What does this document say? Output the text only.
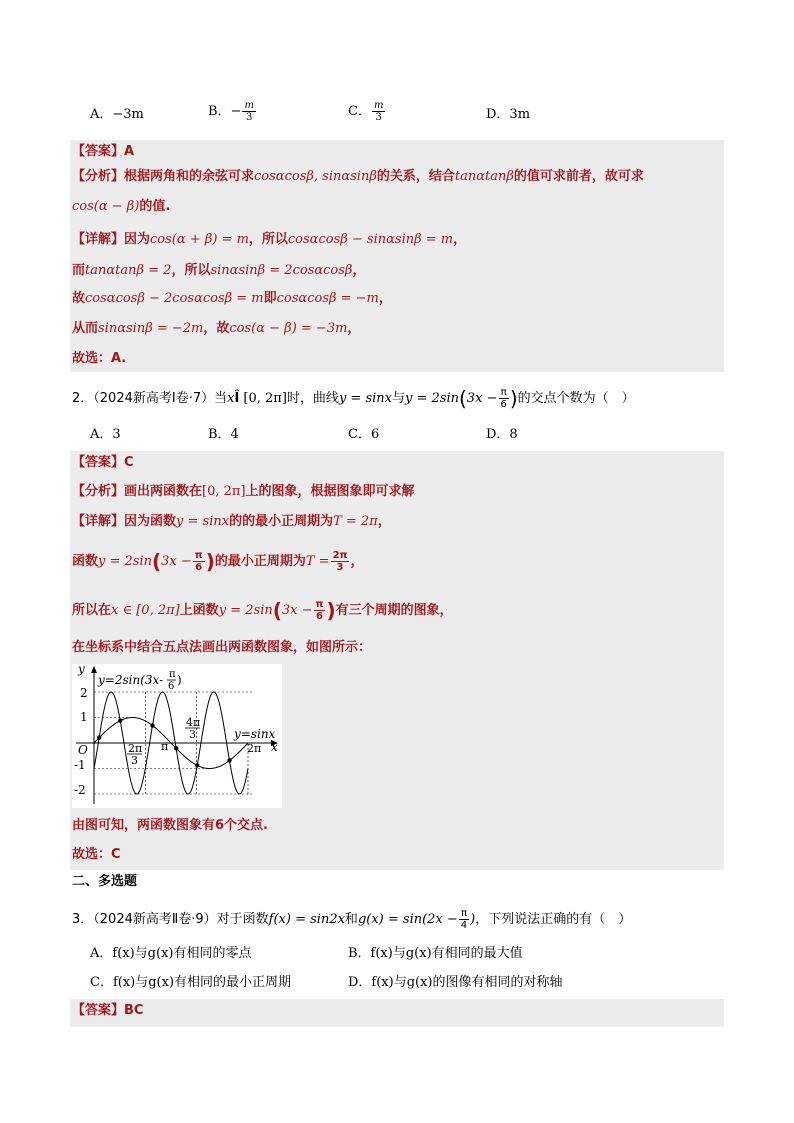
A．−3m	B．− $\frac{m}{3}$	C． $\frac{m}{3}$	D．3m
【答案】A
【分析】根据两角和的余弦可求cosαcosβ, sinαsinβ的关系，结合tanαtanβ的值可求前者，故可求
cos(α − β)的值.
【详解】因为cos(α + β) = m，所以cosαcosβ − sinαsinβ = m，
而tanαtanβ = 2，所以sinαsinβ = 2cosαcosβ，
故cosαcosβ − 2cosαcosβ = m即cosαcosβ = −m，
从而sinαsinβ = −2m，故cos(α − β) = −3m，
故选：A.
2．（2024新高考Ⅰ卷·7）当xÎ [0, 2π]时，曲线y = sinx与$y = 2\sin(3x - \frac{\pi}{6}$ )的交点个数为（　）
A．3	B．4	C．6	D．8
【答案】C
【分析】画出两函数在[0, 2π]上的图象，根据图象即可求解
【详解】因为函数y = sinx的的最小正周期为T = 2π，
函数$y = 2\sin(3x - \frac{\pi}{6}$ )的最小正周期为$T = \frac{2\pi}{3}$ ，
所以在x ∈ [0, 2π]上函数$y = 2\sin(3x - \frac{\pi}{6}$ )有三个周期的图象，
在坐标系中结合五点法画出两函数图象，如图所示：
y
x
O
2
1
-1
-2
y=2sin(3x- π
6 )
y=sinx
2π
3
π
4π
3
2π
由图可知，两函数图象有6个交点.
故选：C
二、多选题
3．（2024新高考Ⅱ卷·9）对于函数f(x) = sin2x和$g(x) = \sin(2x - \frac{\pi}{4}$ )，下列说法正确的有（　）
A．f(x)与g(x)有相同的零点	B．f(x)与g(x)有相同的最大值
C．f(x)与g(x)有相同的最小正周期	D．f(x)与g(x)的图像有相同的对称轴
【答案】BC
